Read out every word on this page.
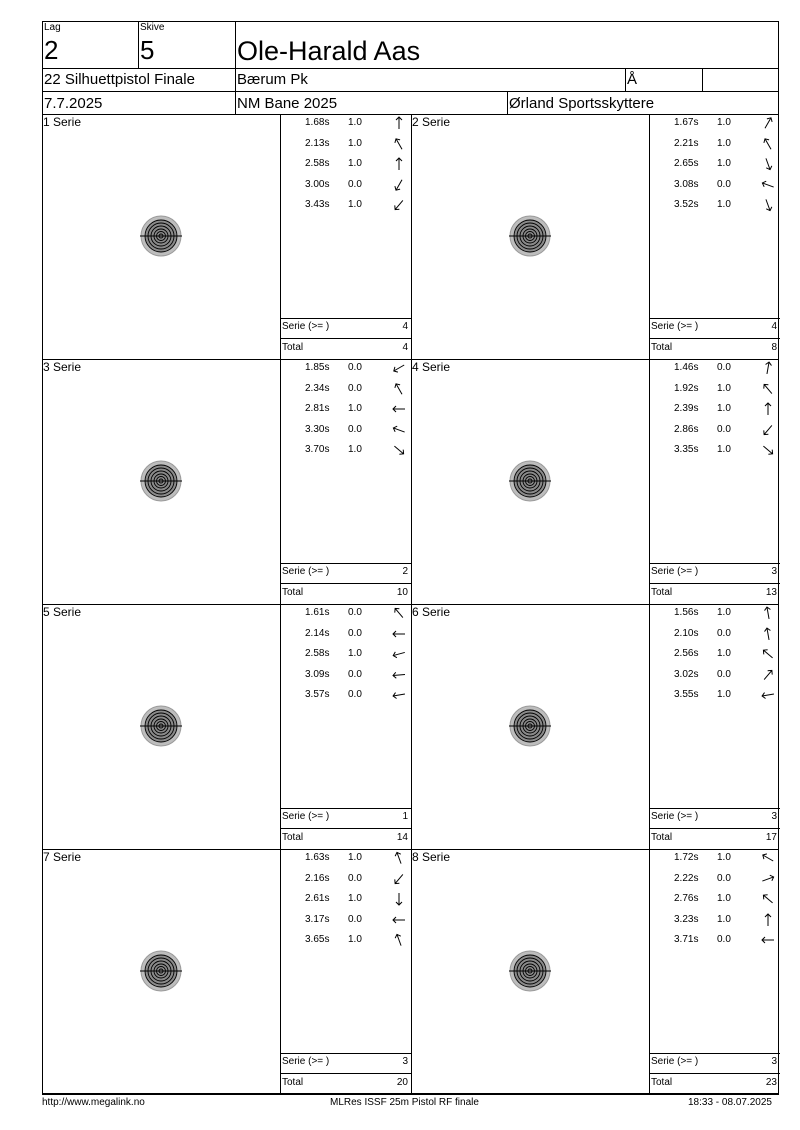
Lag
2
Skive
5	Ole-Harald Aas
22 Silhuettpistol Finale	Bærum Pk	Å
7.7.2025	NM Bane 2025	Ørland Sportsskyttere
1 Serie	1.68s 1.0
2.13s 1.0
2.58s 1.0
3.00s 0.0
3.43s 1.0
Serie (>= )	4
Total	4
2 Serie	1.67s 1.0
2.21s 1.0
2.65s 1.0
3.08s 0.0
3.52s 1.0
Serie (>= )	4
Total	8
3 Serie	1.85s 0.0
2.34s 0.0
2.81s 1.0
3.30s 0.0
3.70s 1.0
Serie (>= )	2
Total	10
4 Serie	1.46s 0.0
1.92s 1.0
2.39s 1.0
2.86s 0.0
3.35s 1.0
Serie (>= )	3
Total	13
5 Serie	1.61s 0.0
2.14s 0.0
2.58s 1.0
3.09s 0.0
3.57s 0.0
Serie (>= )	1
Total	14
6 Serie	1.56s 1.0
2.10s 0.0
2.56s 1.0
3.02s 0.0
3.55s 1.0
Serie (>= )	3
Total	17
7 Serie	1.63s 1.0
2.16s 0.0
2.61s 1.0
3.17s 0.0
3.65s 1.0
Serie (>= )	3
Total	20
8 Serie	1.72s 1.0
2.22s 0.0
2.76s 1.0
3.23s 1.0
3.71s 0.0
Serie (>= )	3
Total	23
http://www.megalink.no	MLRes ISSF 25m Pistol RF finale	18:33 - 08.07.2025
